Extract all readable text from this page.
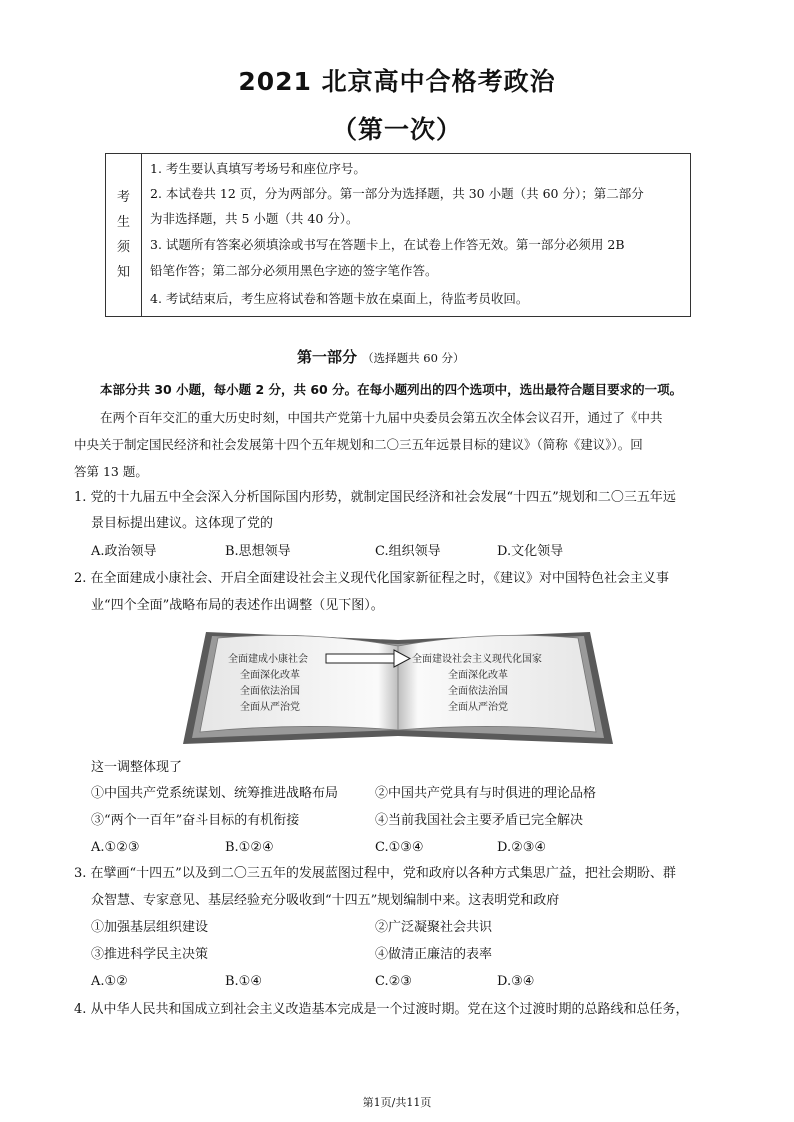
2021 北京高中合格考政治
（第一次）
考
生
须
知
1. 考生要认真填写考场号和座位序号。
2. 本试卷共 12 页，分为两部分。第一部分为选择题，共 30 小题（共 60 分）；第二部分
为非选择题，共 5 小题（共 40 分）。
3. 试题所有答案必须填涂或书写在答题卡上，在试卷上作答无效。第一部分必须用 2B
铅笔作答；第二部分必须用黑色字迹的签字笔作答。
4. 考试结束后，考生应将试卷和答题卡放在桌面上，待监考员收回。
第一部分 （选择题共 60 分）
本部分共 30 小题，每小题 2 分，共 60 分。在每小题列出的四个选项中，选出最符合题目要求的一项。
在两个百年交汇的重大历史时刻，中国共产党第十九届中央委员会第五次全体会议召开，通过了《中共
中央关于制定国民经济和社会发展第十四个五年规划和二〇三五年远景目标的建议》（简称《建议》）。回
答第 13 题。
1. 党的十九届五中全会深入分析国际国内形势，就制定国民经济和社会发展“十四五”规划和二〇三五年远
景目标提出建议。这体现了党的
A.政治领导	B.思想领导	C.组织领导	D.文化领导
2. 在全面建成小康社会、开启全面建设社会主义现代化国家新征程之时，《建议》对中国特色社会主义事
业“四个全面”战略布局的表述作出调整（见下图）。
全面建成小康社会
全面深化改革
全面依法治国
全面从严治党
全面建设社会主义现代化国家
全面深化改革
全面依法治国
全面从严治党
这一调整体现了
①中国共产党系统谋划、统筹推进战略布局	②中国共产党具有与时俱进的理论品格
③“两个一百年”奋斗目标的有机衔接	④当前我国社会主要矛盾已完全解决
A.①②③	B.①②④	C.①③④	D.②③④
3. 在擘画“十四五”以及到二〇三五年的发展蓝图过程中，党和政府以各种方式集思广益，把社会期盼、群
众智慧、专家意见、基层经验充分吸收到“十四五”规划编制中来。这表明党和政府
①加强基层组织建设	②广泛凝聚社会共识
③推进科学民主决策	④做清正廉洁的表率
A.①②	B.①④	C.②③	D.③④
4. 从中华人民共和国成立到社会主义改造基本完成是一个过渡时期。党在这个过渡时期的总路线和总任务，
第1页/共11页
